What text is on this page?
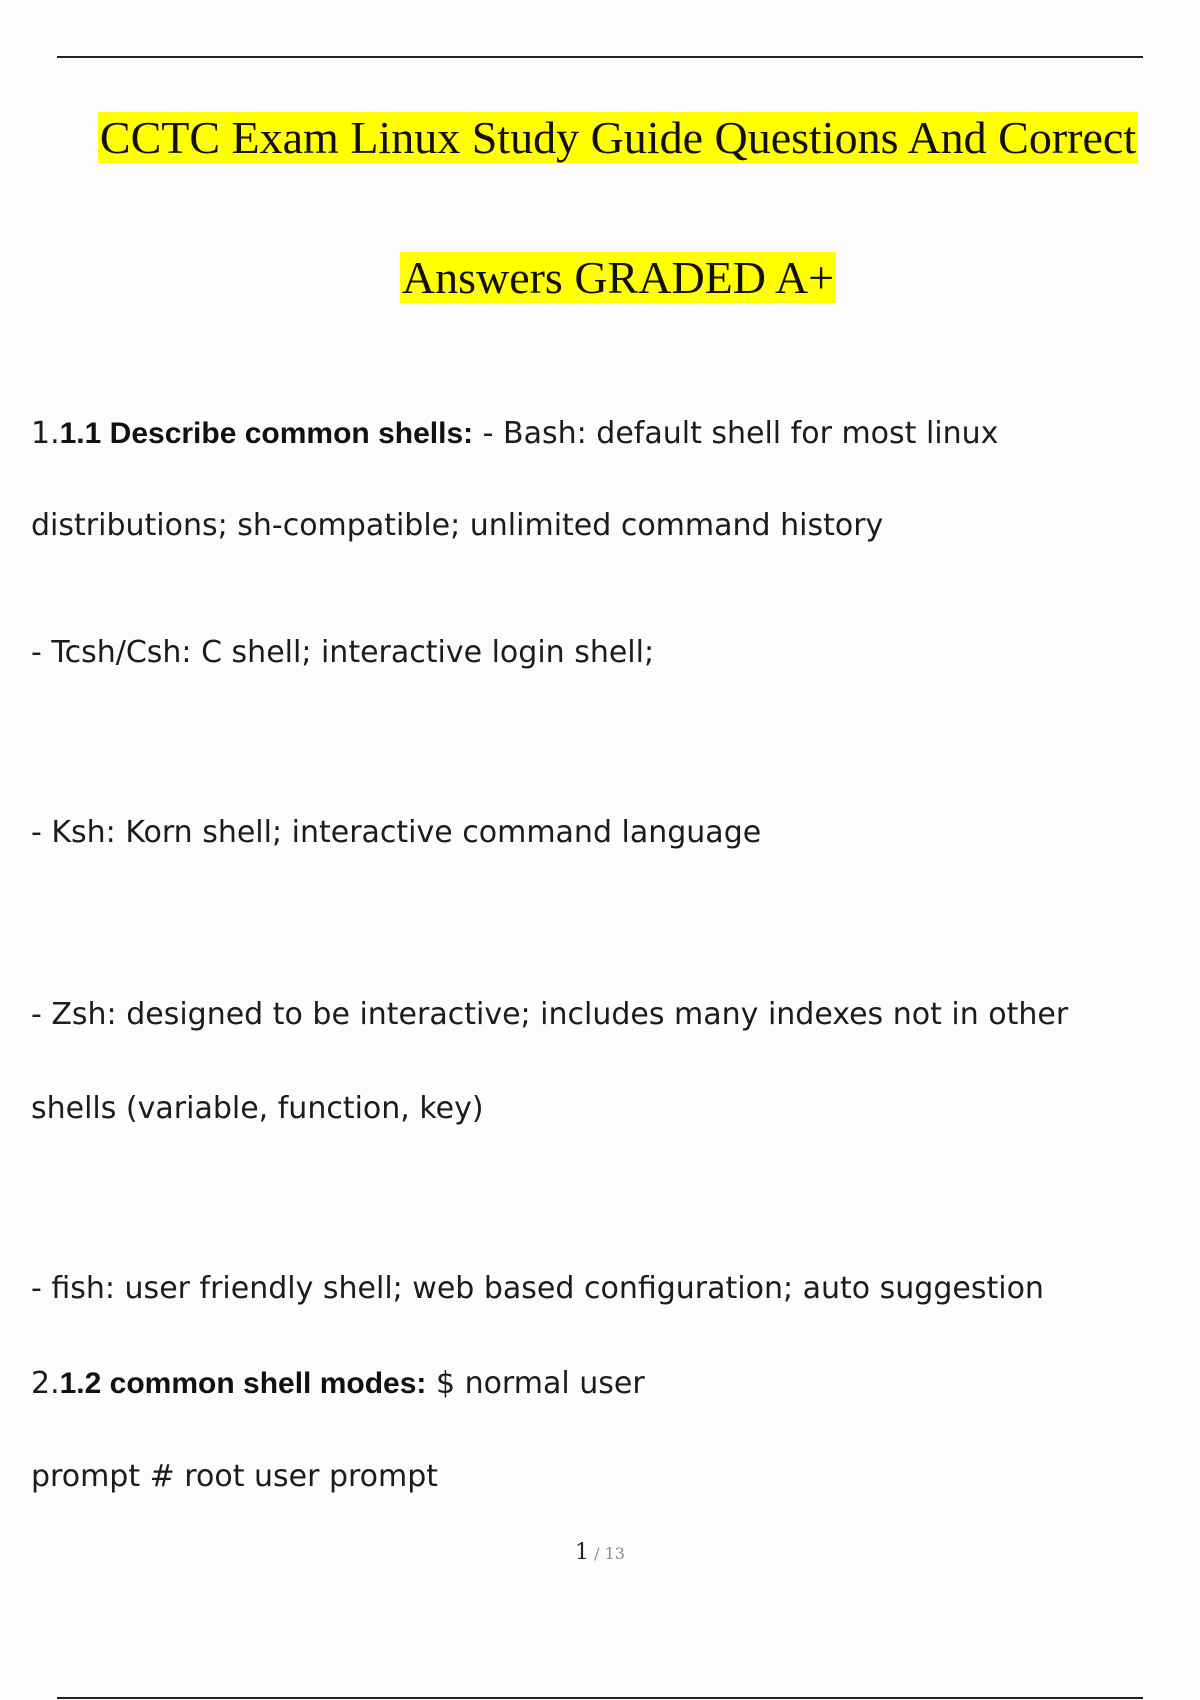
CCTC Exam Linux Study Guide Questions And Correct
Answers GRADED A+
1.1.1 Describe common shells: - Bash: default shell for most linux
distributions; sh-compatible; unlimited command history
- Tcsh/Csh: C shell; interactive login shell;
- Ksh: Korn shell; interactive command language
- Zsh: designed to be interactive; includes many indexes not in other
shells (variable, function, key)
- fish: user friendly shell; web based configuration; auto suggestion
2.1.2 common shell modes: $ normal user
prompt # root user prompt
1 / 13
